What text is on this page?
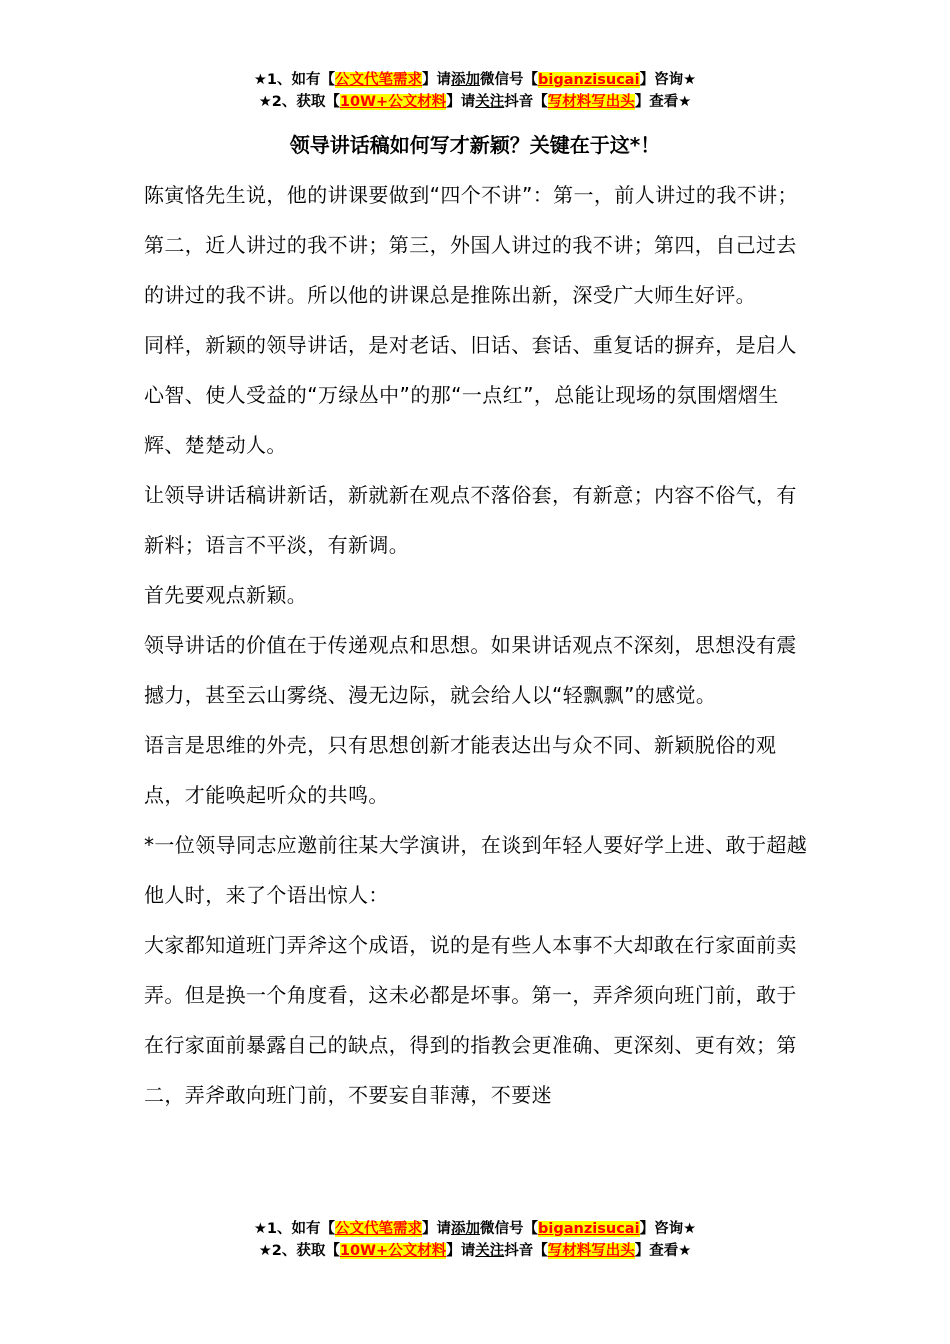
★1、如有【公文代笔需求】请添加微信号【biganzisucai】咨询★
★2、获取【10W+公文材料】请关注抖音【写材料写出头】查看★
领导讲话稿如何写才新颖？关键在于这*！

陈寅恪先生说，他的讲课要做到“四个不讲”：第一，前人讲过的我不讲；第二，近人讲过的我不讲；第三，外国人讲过的我不讲；第四，自己过去的讲过的我不讲。所以他的讲课总是推陈出新，深受广大师生好评。

同样，新颖的领导讲话，是对老话、旧话、套话、重复话的摒弃，是启人心智、使人受益的“万绿丛中”的那“一点红”，总能让现场的氛围熠熠生辉、楚楚动人。

让领导讲话稿讲新话，新就新在观点不落俗套，有新意；内容不俗气，有新料；语言不平淡，有新调。

首先要观点新颖。

领导讲话的价值在于传递观点和思想。如果讲话观点不深刻，思想没有震撼力，甚至云山雾绕、漫无边际，就会给人以“轻飘飘”的感觉。

语言是思维的外壳，只有思想创新才能表达出与众不同、新颖脱俗的观点，才能唤起听众的共鸣。

*一位领导同志应邀前往某大学演讲，在谈到年轻人要好学上进、敢于超越他人时，来了个语出惊人：

大家都知道班门弄斧这个成语，说的是有些人本事不大却敢在行家面前卖弄。但是换一个角度看，这未必都是坏事。第一，弄斧须向班门前，敢于在行家面前暴露自己的缺点，得到的指教会更准确、更深刻、更有效；第二，弄斧敢向班门前，不要妄自菲薄，不要迷

★1、如有【公文代笔需求】请添加微信号【biganzisucai】咨询★
★2、获取【10W+公文材料】请关注抖音【写材料写出头】查看★
